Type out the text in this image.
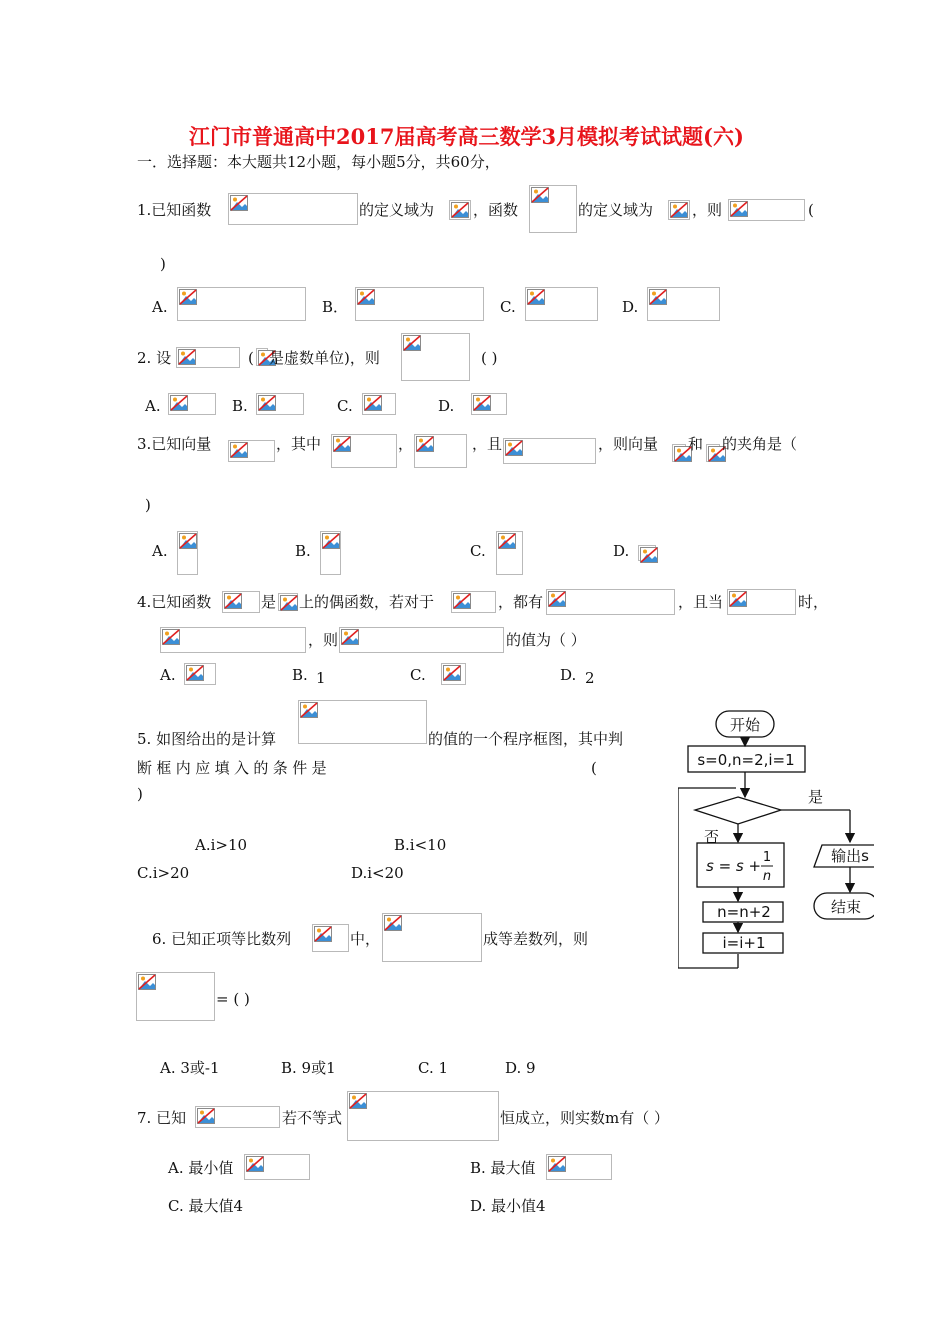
江门市普通高中2017届高考高三数学3月模拟考试试题(六)
一．选择题：本大题共12小题，每小题5分，共60分，
1.已知函数	的定义域为	，函数	的定义域为	，则	(
)
A.	B．	C.	D.
2. 设	( 是虚数单位)，则	( )
A.	B.	C.	D.
3.已知向量	，其中	，	，且	，则向量 和 的夹角是（
)
A.	B.	C.	D.
4.已知函数	是 上的偶函数，若对于	，都有	，且当	时，
，则	的值为（ ）
A.	B. 1	C.	D. 2
5. 如图给出的是计算	的值的一个程序框图，其中判
断框内应填入的条件是	(
)
A.i>10	B.i<10
C.i>20	D.i<20
开始
s=0,n=2,i=1
是
否
s = s + 1
n
n=n+2
i=i+1
输出s
结束
6. 已知正项等比数列	中，	成等差数列，则
= ( )
A. 3或-1	B. 9或1	C. 1	D. 9
7. 已知	若不等式	恒成立，则实数m有（ ）
A. 最小值	B. 最大值
C. 最大值4	D. 最小值4
